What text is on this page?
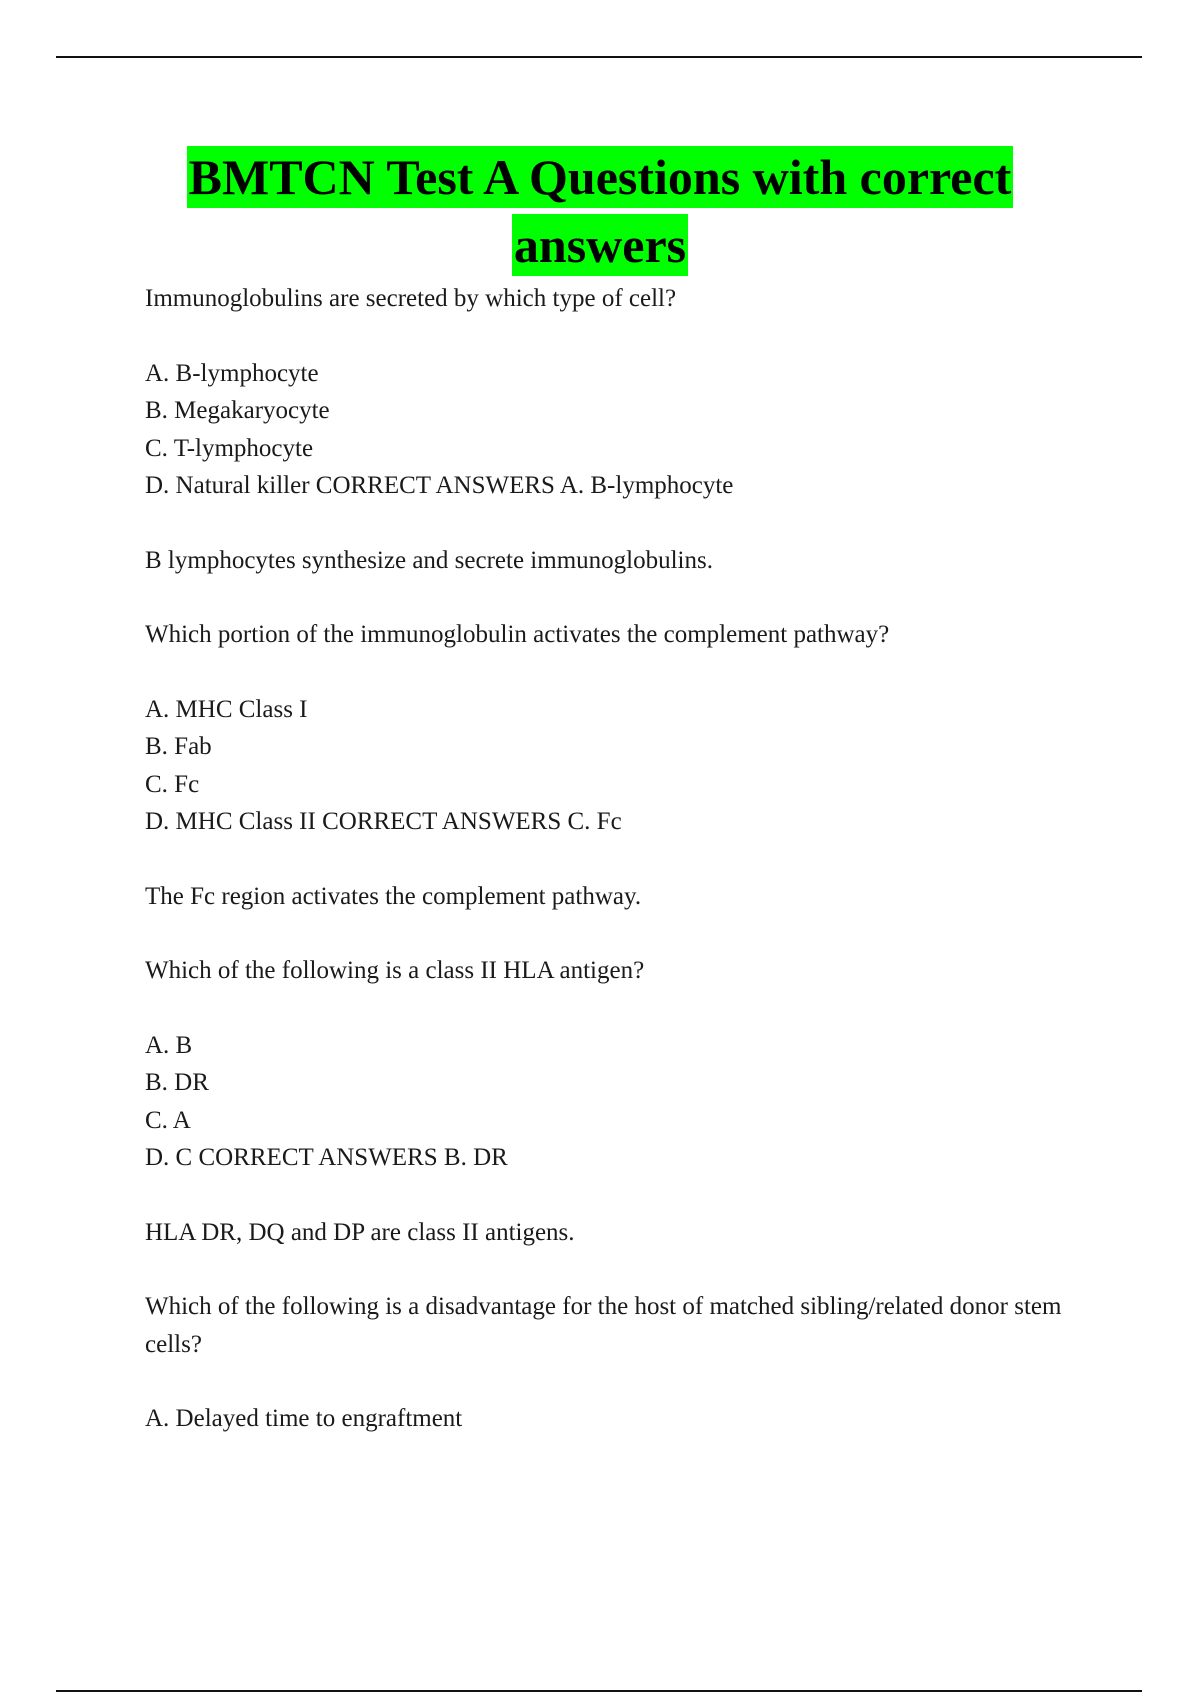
BMTCN Test A Questions with correct
answers

Immunoglobulins are secreted by which type of cell?

A. B-lymphocyte

B. Megakaryocyte

C. T-lymphocyte

D. Natural killer CORRECT ANSWERS A. B-lymphocyte

B lymphocytes synthesize and secrete immunoglobulins.

Which portion of the immunoglobulin activates the complement pathway?

A. MHC Class I

B. Fab

C. Fc

D. MHC Class II CORRECT ANSWERS C. Fc

The Fc region activates the complement pathway.

Which of the following is a class II HLA antigen?

A. B

B. DR

C. A

D. C CORRECT ANSWERS B. DR

HLA DR, DQ and DP are class II antigens.

Which of the following is a disadvantage for the host of matched sibling/related donor stem cells?

A. Delayed time to engraftment
